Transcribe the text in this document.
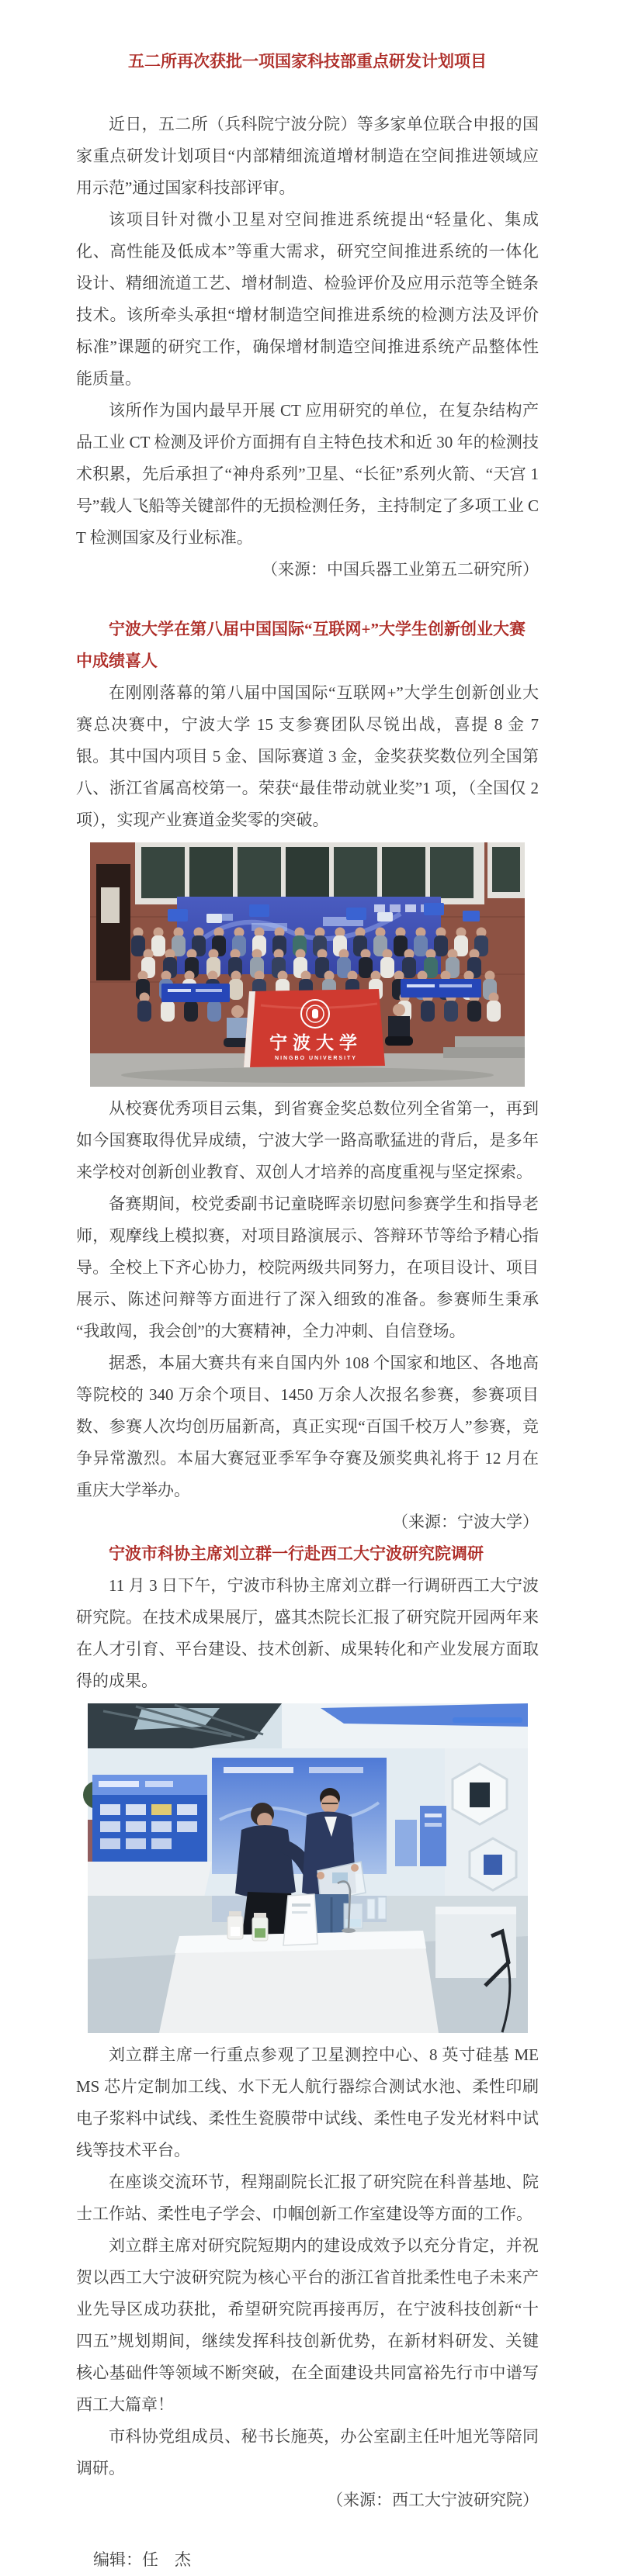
五二所再次获批一项国家科技部重点研发计划项目

近日，五二所（兵科院宁波分院）等多家单位联合申报的国家重点研发计划项目“内部精细流道增材制造在空间推进领域应用示范”通过国家科技部评审。

该项目针对微小卫星对空间推进系统提出“轻量化、集成化、高性能及低成本”等重大需求，研究空间推进系统的一体化设计、精细流道工艺、增材制造、检验评价及应用示范等全链条技术。该所牵头承担“增材制造空间推进系统的检测方法及评价标准”课题的研究工作，确保增材制造空间推进系统产品整体性能质量。

该所作为国内最早开展 CT 应用研究的单位，在复杂结构产品工业 CT 检测及评价方面拥有自主特色技术和近 30 年的检测技术积累，先后承担了“神舟系列”卫星、“长征”系列火箭、“天宫 1 号”载人飞船等关键部件的无损检测任务，主持制定了多项工业 CT 检测国家及行业标准。

（来源：中国兵器工业第五二研究所）

宁波大学在第八届中国国际“互联网+”大学生创新创业大赛中成绩喜人

在刚刚落幕的第八届中国国际“互联网+”大学生创新创业大赛总决赛中，宁波大学 15 支参赛团队尽锐出战，喜提 8 金 7 银。其中国内项目 5 金、国际赛道 3 金，金奖获奖数位列全国第八、浙江省属高校第一。荣获“最佳带动就业奖”1 项，（全国仅 2 项），实现产业赛道金奖零的突破。

宁波大学
NINGBO UNIVERSITY

从校赛优秀项目云集，到省赛金奖总数位列全省第一，再到如今国赛取得优异成绩，宁波大学一路高歌猛进的背后，是多年来学校对创新创业教育、双创人才培养的高度重视与坚定探索。

备赛期间，校党委副书记童晓晖亲切慰问参赛学生和指导老师，观摩线上模拟赛，对项目路演展示、答辩环节等给予精心指导。全校上下齐心协力，校院两级共同努力，在项目设计、项目展示、陈述问辩等方面进行了深入细致的准备。参赛师生秉承“我敢闯，我会创”的大赛精神，全力冲刺、自信登场。

据悉，本届大赛共有来自国内外 108 个国家和地区、各地高等院校的 340 万余个项目、1450 万余人次报名参赛，参赛项目数、参赛人次均创历届新高，真正实现“百国千校万人”参赛，竞争异常激烈。本届大赛冠亚季军争夺赛及颁奖典礼将于 12 月在重庆大学举办。

（来源：宁波大学）

宁波市科协主席刘立群一行赴西工大宁波研究院调研

11 月 3 日下午，宁波市科协主席刘立群一行调研西工大宁波研究院。在技术成果展厅，盛其杰院长汇报了研究院开园两年来在人才引育、平台建设、技术创新、成果转化和产业发展方面取得的成果。

刘立群主席一行重点参观了卫星测控中心、8 英寸硅基 MEMS 芯片定制加工线、水下无人航行器综合测试水池、柔性印刷电子浆料中试线、柔性生瓷膜带中试线、柔性电子发光材料中试线等技术平台。

在座谈交流环节，程翔副院长汇报了研究院在科普基地、院士工作站、柔性电子学会、巾帼创新工作室建设等方面的工作。

刘立群主席对研究院短期内的建设成效予以充分肯定，并祝贺以西工大宁波研究院为核心平台的浙江省首批柔性电子未来产业先导区成功获批，希望研究院再接再厉，在宁波科技创新“十四五”规划期间，继续发挥科技创新优势，在新材料研发、关键核心基础件等领域不断突破，在全面建设共同富裕先行市中谱写西工大篇章！

市科协党组成员、秘书长施英，办公室副主任叶旭光等陪同调研。

（来源：西工大宁波研究院）

编辑：任　杰
